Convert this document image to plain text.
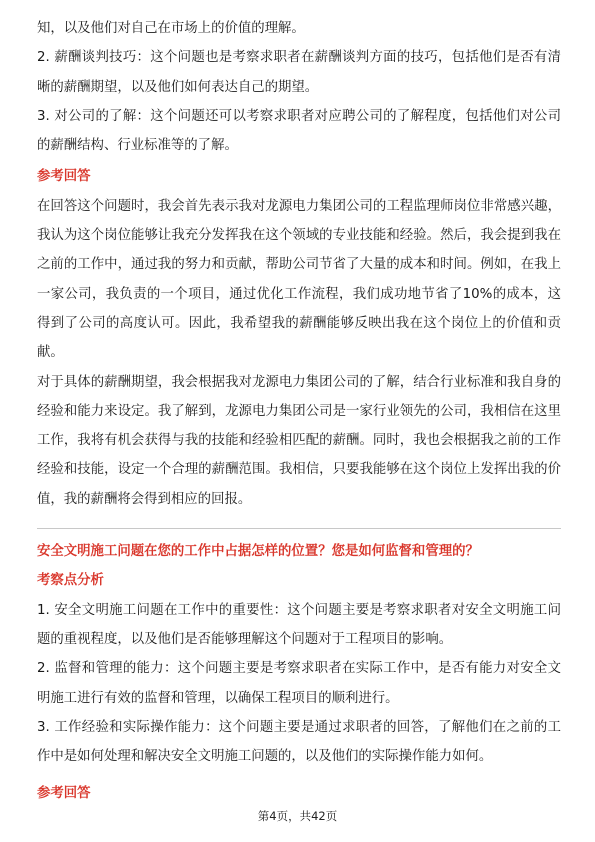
知，以及他们对自己在市场上的价值的理解。

2. 薪酬谈判技巧：这个问题也是考察求职者在薪酬谈判方面的技巧，包括他们是否有清晰的薪酬期望，以及他们如何表达自己的期望。

3. 对公司的了解：这个问题还可以考察求职者对应聘公司的了解程度，包括他们对公司的薪酬结构、行业标准等的了解。

参考回答

在回答这个问题时，我会首先表示我对龙源电力集团公司的工程监理师岗位非常感兴趣，我认为这个岗位能够让我充分发挥我在这个领域的专业技能和经验。然后，我会提到我在之前的工作中，通过我的努力和贡献，帮助公司节省了大量的成本和时间。例如，在我上一家公司，我负责的一个项目，通过优化工作流程，我们成功地节省了10%的成本，这得到了公司的高度认可。因此，我希望我的薪酬能够反映出我在这个岗位上的价值和贡献。

对于具体的薪酬期望，我会根据我对龙源电力集团公司的了解，结合行业标准和我自身的经验和能力来设定。我了解到，龙源电力集团公司是一家行业领先的公司，我相信在这里工作，我将有机会获得与我的技能和经验相匹配的薪酬。同时，我也会根据我之前的工作经验和技能，设定一个合理的薪酬范围。我相信，只要我能够在这个岗位上发挥出我的价值，我的薪酬将会得到相应的回报。

安全文明施工问题在您的工作中占据怎样的位置？您是如何监督和管理的？

考察点分析

1. 安全文明施工问题在工作中的重要性：这个问题主要是考察求职者对安全文明施工问题的重视程度，以及他们是否能够理解这个问题对于工程项目的影响。

2. 监督和管理的能力：这个问题主要是考察求职者在实际工作中，是否有能力对安全文明施工进行有效的监督和管理，以确保工程项目的顺利进行。

3. 工作经验和实际操作能力：这个问题主要是通过求职者的回答，了解他们在之前的工作中是如何处理和解决安全文明施工问题的，以及他们的实际操作能力如何。

参考回答

第4页，共42页
